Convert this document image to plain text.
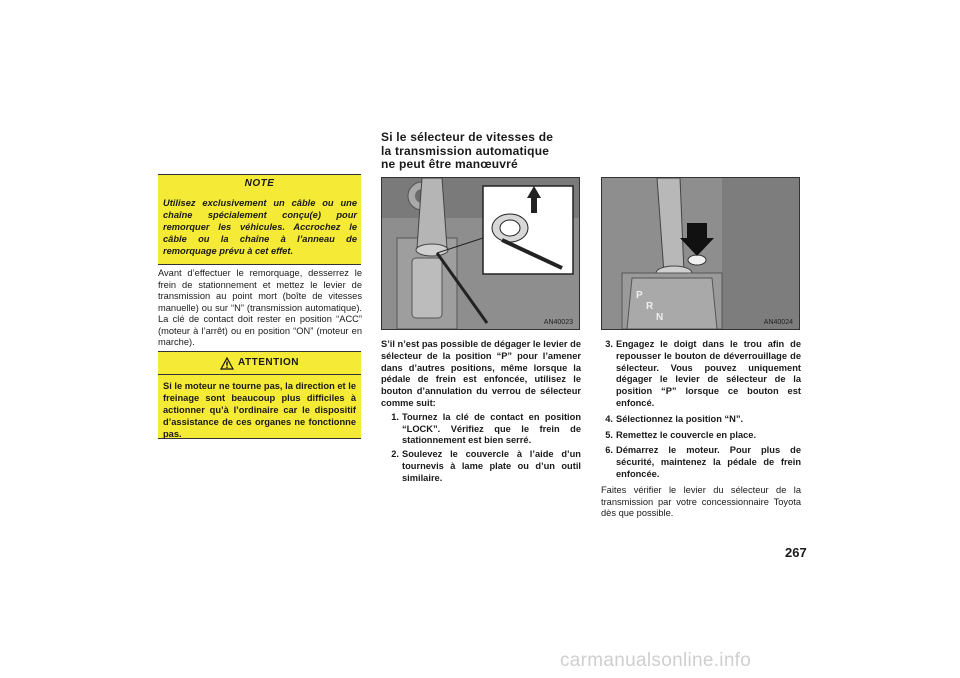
NOTE
Utilisez exclusivement un câble ou une chaîne spécialement conçu(e) pour remorquer les véhicules. Accrochez le câble ou la chaîne à l’anneau de remorquage prévu à cet effet.
Avant d’effectuer le remorquage, desserrez le frein de stationnement et mettez le levier de transmission au point mort (boîte de vitesses manuelle) ou sur “N” (transmission automatique). La clé de contact doit rester en position “ACC” (moteur à l’arrêt) ou en position “ON” (moteur en marche).
ATTENTION
Si le moteur ne tourne pas, la direction et le freinage sont beaucoup plus difficiles à actionner qu’à l’ordinaire car le dispositif d’assistance de ces organes ne fonctionne pas.
Si le sélecteur de vitesses de
la transmission automatique
ne peut être manœuvré
AN40023
P
R
N	AN40024
S’il n’est pas possible de dégager le levier de sélecteur de la position “P” pour l’amener dans d’autres positions, même lorsque la pédale de frein est enfoncée, utilisez le bouton d’annulation du verrou de sélecteur comme suit:
1. Tournez la clé de contact en position “LOCK”. Vérifiez que le frein de stationnement est bien serré.
2. Soulevez le couvercle à l’aide d’un tournevis à lame plate ou d’un outil similaire.
3. Engagez le doigt dans le trou afin de repousser le bouton de déverrouillage de sélecteur. Vous pouvez uniquement dégager le levier de sélecteur de la position “P” lorsque ce bouton est enfoncé.
4. Sélectionnez la position “N”.
5. Remettez le couvercle en place.
6. Démarrez le moteur. Pour plus de sécurité, maintenez la pédale de frein enfoncée.
Faites vérifier le levier du sélecteur de la transmission par votre concessionnaire Toyota dès que possible.
267
carmanualsonline.info
